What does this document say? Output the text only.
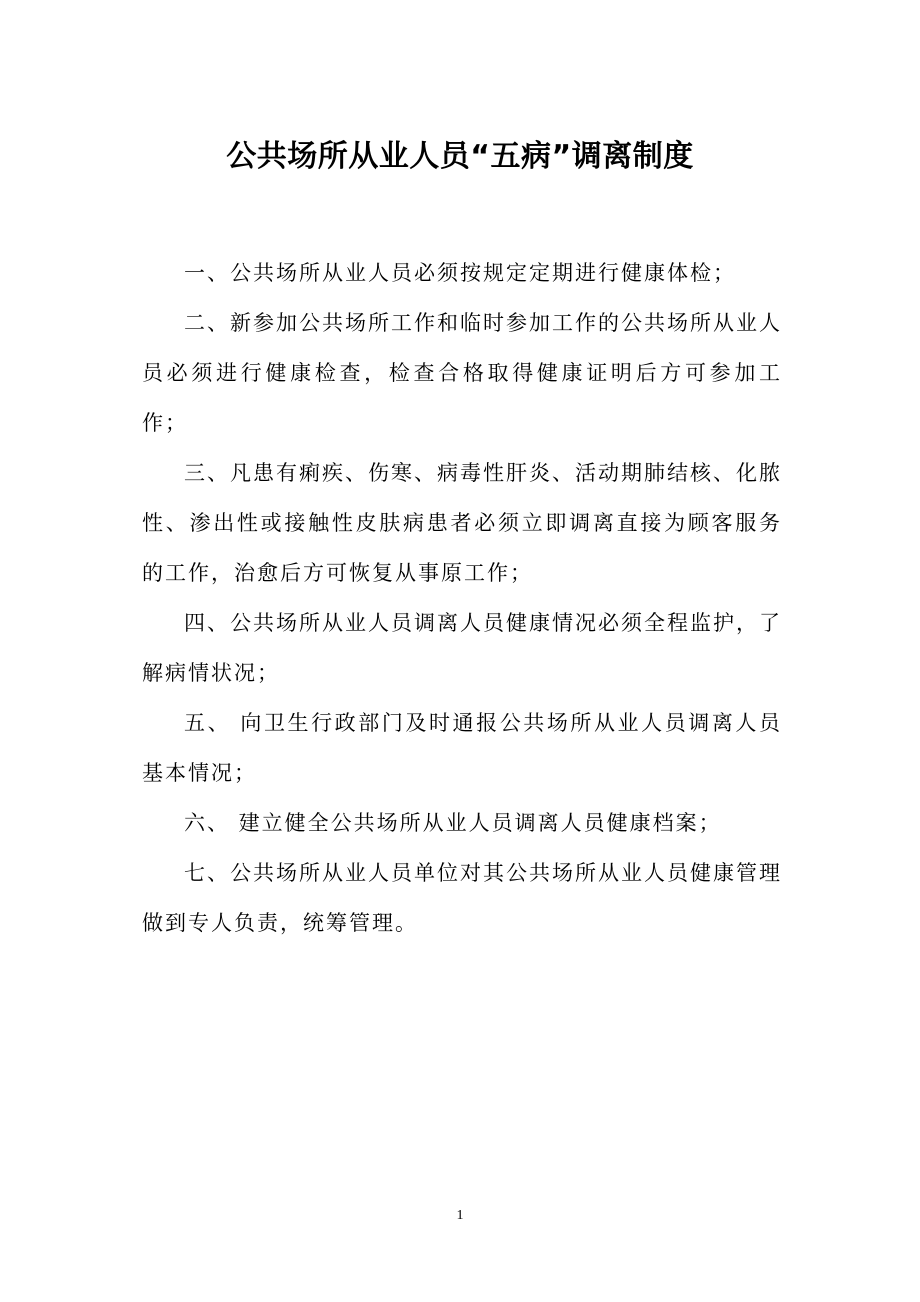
公共场所从业人员“五病”调离制度

一、公共场所从业人员必须按规定定期进行健康体检；

二、新参加公共场所工作和临时参加工作的公共场所从业人员必须进行健康检查，检查合格取得健康证明后方可参加工作；

三、凡患有痢疾、伤寒、病毒性肝炎、活动期肺结核、化脓性、渗出性或接触性皮肤病患者必须立即调离直接为顾客服务的工作，治愈后方可恢复从事原工作；

四、公共场所从业人员调离人员健康情况必须全程监护，了解病情状况；

五、 向卫生行政部门及时通报公共场所从业人员调离人员基本情况；

六、 建立健全公共场所从业人员调离人员健康档案；

七、公共场所从业人员单位对其公共场所从业人员健康管理做到专人负责，统筹管理。

1
